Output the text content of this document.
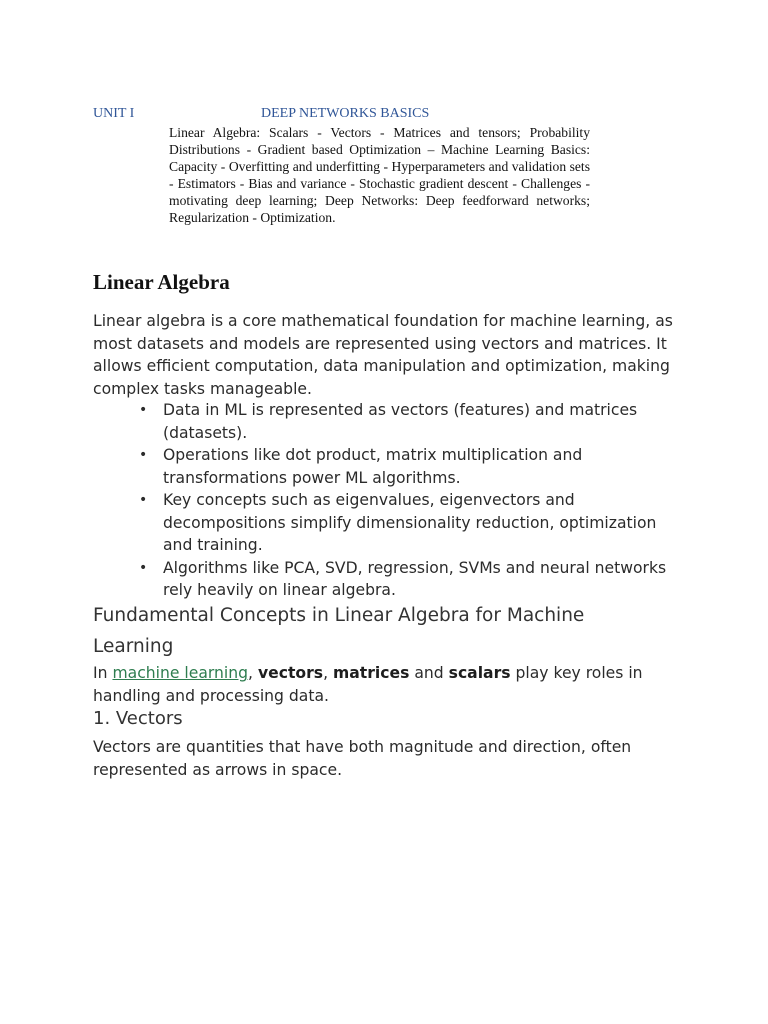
UNIT I	DEEP NETWORKS BASICS

Linear Algebra: Scalars - Vectors - Matrices and tensors; Probability Distributions - Gradient based Optimization – Machine Learning Basics: Capacity - Overfitting and underfitting - Hyperparameters and validation sets - Estimators - Bias and variance - Stochastic gradient descent - Challenges -motivating deep learning; Deep Networks: Deep feedforward networks; Regularization - Optimization.

Linear Algebra

Linear algebra is a core mathematical foundation for machine learning, as most datasets and models are represented using vectors and matrices. It allows efficient computation, data manipulation and optimization, making complex tasks manageable.

• Data in ML is represented as vectors (features) and matrices (datasets).
• Operations like dot product, matrix multiplication and transformations power ML algorithms.
• Key concepts such as eigenvalues, eigenvectors and decompositions simplify dimensionality reduction, optimization and training.
• Algorithms like PCA, SVD, regression, SVMs and neural networks rely heavily on linear algebra.
Fundamental Concepts in Linear Algebra for Machine Learning

In machine learning, vectors, matrices and scalars play key roles in handling and processing data.

1. Vectors

Vectors are quantities that have both magnitude and direction, often represented as arrows in space.
